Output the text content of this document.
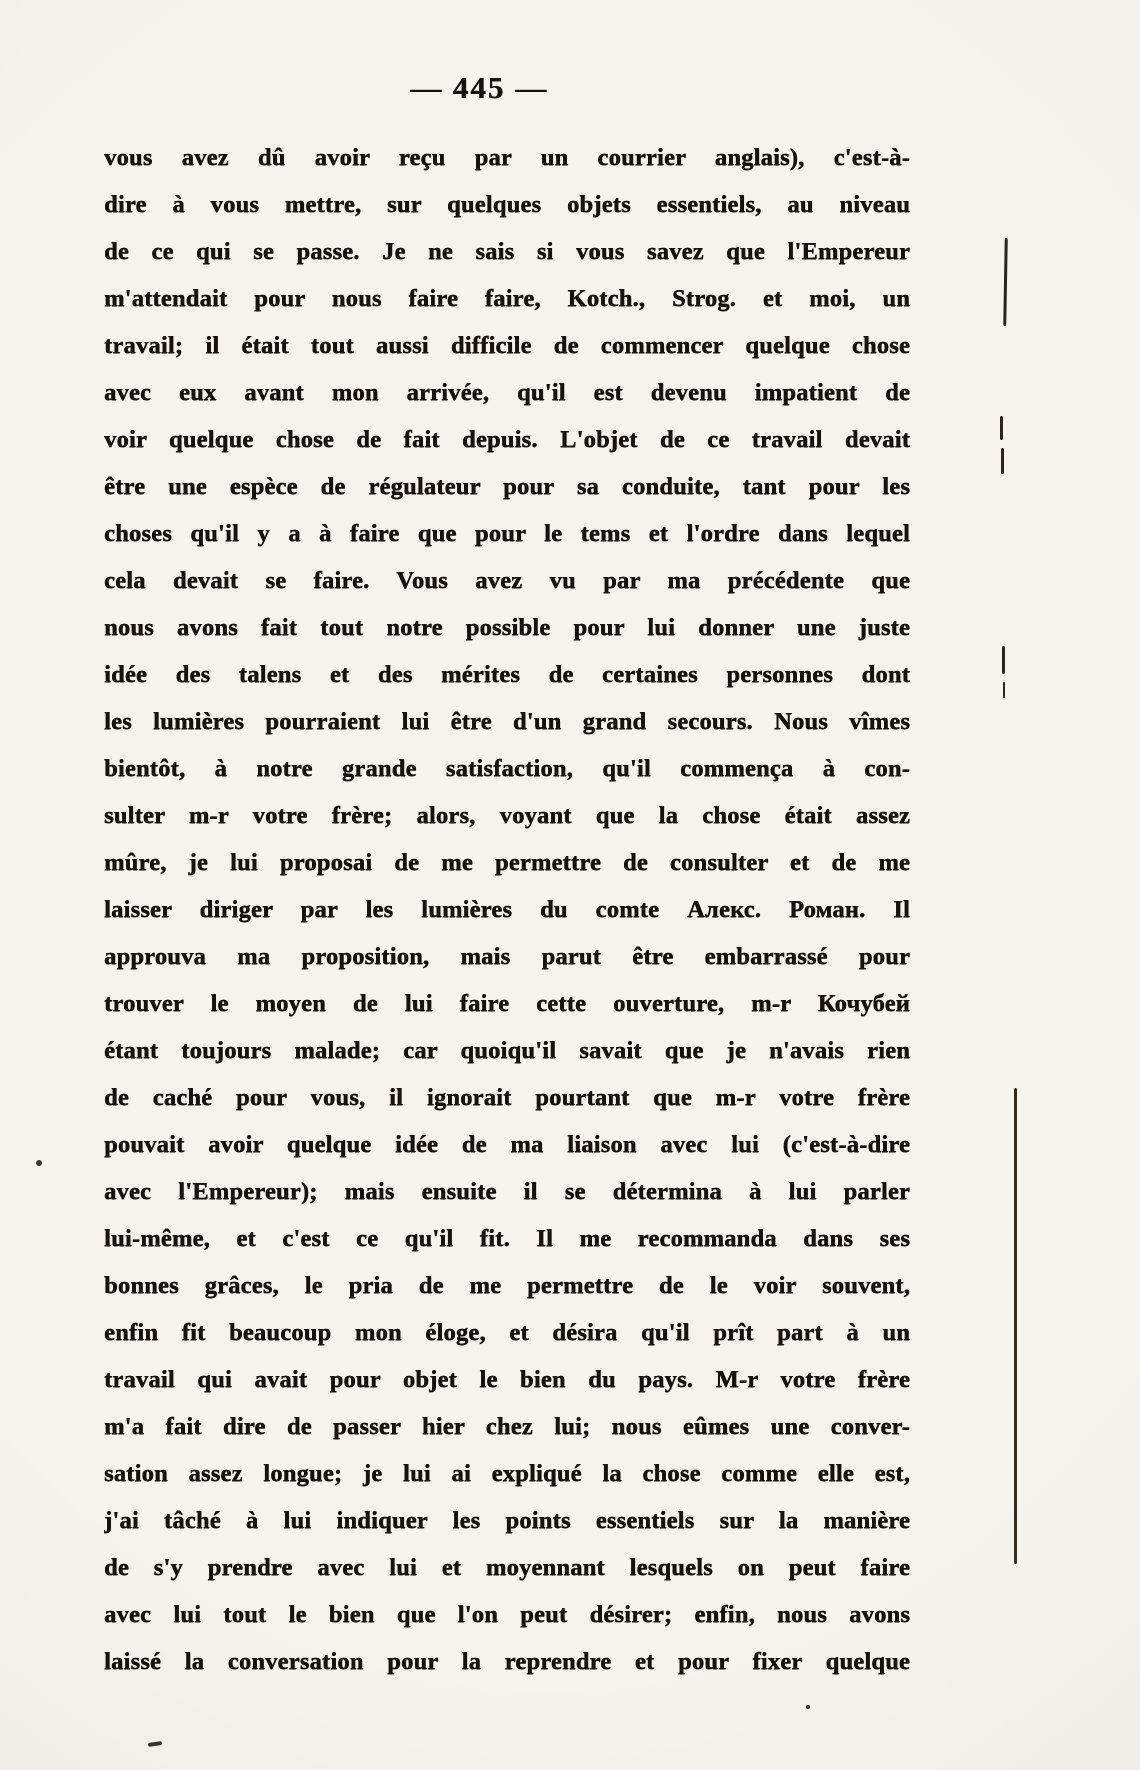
— 445 —
vous avez dû avoir reçu par un courrier anglais), c'est-à-
dire à vous mettre, sur quelques objets essentiels, au niveau
de ce qui se passe. Je ne sais si vous savez que l'Empereur
m'attendait pour nous faire faire, Kotch., Strog. et moi, un
travail; il était tout aussi difficile de commencer quelque chose
avec eux avant mon arrivée, qu'il est devenu impatient de
voir quelque chose de fait depuis. L'objet de ce travail devait
être une espèce de régulateur pour sa conduite, tant pour les
choses qu'il y a à faire que pour le tems et l'ordre dans lequel
cela devait se faire. Vous avez vu par ma précédente que
nous avons fait tout notre possible pour lui donner une juste
idée des talens et des mérites de certaines personnes dont
les lumières pourraient lui être d'un grand secours. Nous vîmes
bientôt, à notre grande satisfaction, qu'il commença à con-
sulter m-r votre frère; alors, voyant que la chose était assez
mûre, je lui proposai de me permettre de consulter et de me
laisser diriger par les lumières du comte Алекс. Роман. Il
approuva ma proposition, mais parut être embarrassé pour
trouver le moyen de lui faire cette ouverture, m-r Кочубей
étant toujours malade; car quoiqu'il savait que je n'avais rien
de caché pour vous, il ignorait pourtant que m-r votre frère
pouvait avoir quelque idée de ma liaison avec lui (c'est-à-dire
avec l'Empereur); mais ensuite il se détermina à lui parler
lui-même, et c'est ce qu'il fit. Il me recommanda dans ses
bonnes grâces, le pria de me permettre de le voir souvent,
enfin fit beaucoup mon éloge, et désira qu'il prît part à un
travail qui avait pour objet le bien du pays. M-r votre frère
m'a fait dire de passer hier chez lui; nous eûmes une conver-
sation assez longue; je lui ai expliqué la chose comme elle est,
j'ai tâché à lui indiquer les points essentiels sur la manière
de s'y prendre avec lui et moyennant lesquels on peut faire
avec lui tout le bien que l'on peut désirer; enfin, nous avons
laissé la conversation pour la reprendre et pour fixer quelque
